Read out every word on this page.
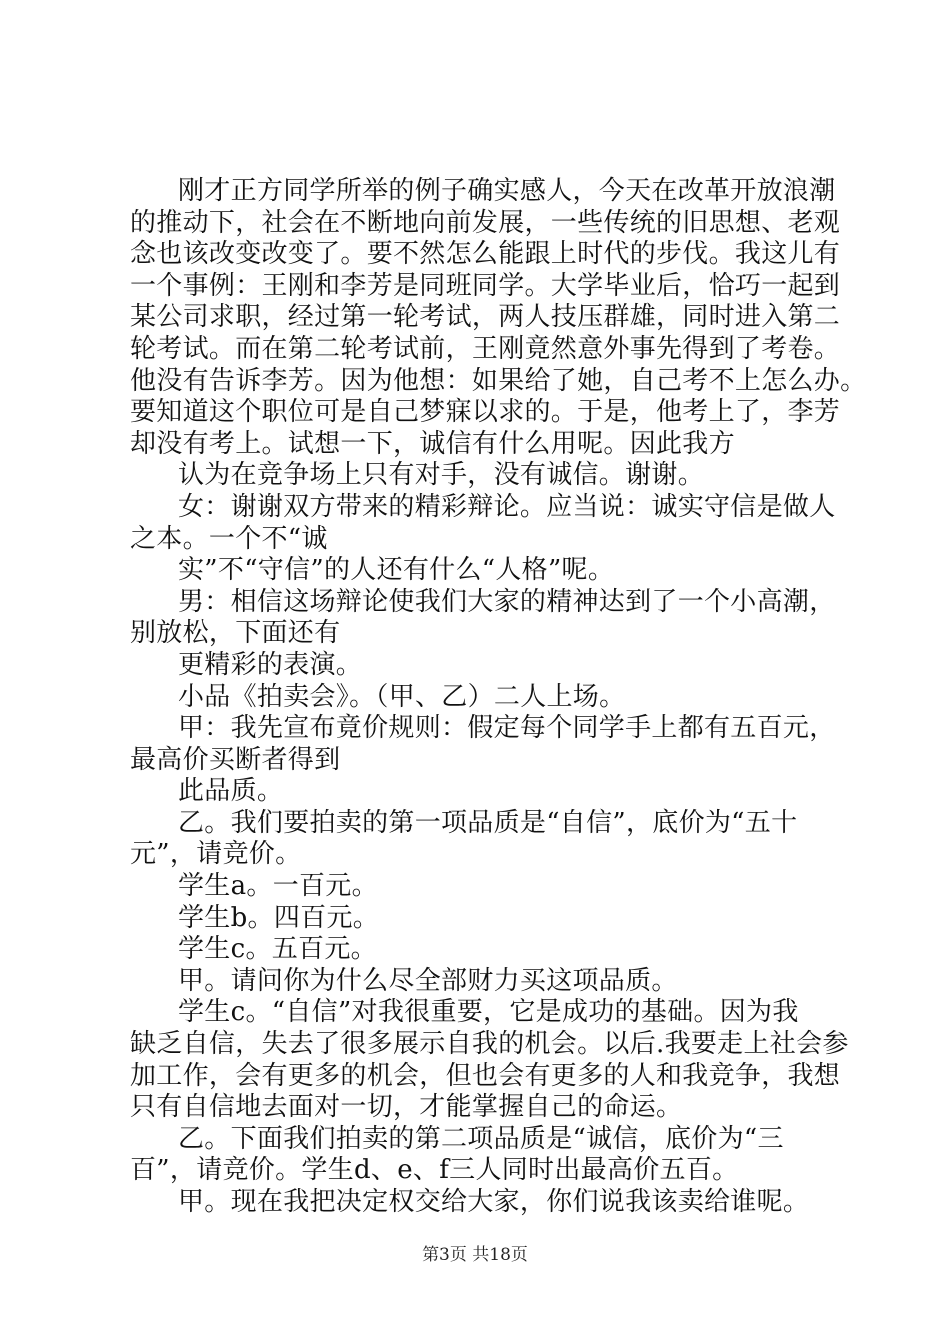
刚才正方同学所举的例子确实感人，今天在改革开放浪潮
的推动下，社会在不断地向前发展，一些传统的旧思想、老观
念也该改变改变了。要不然怎么能跟上时代的步伐。我这儿有
一个事例：王刚和李芳是同班同学。大学毕业后，恰巧一起到
某公司求职，经过第一轮考试，两人技压群雄，同时进入第二
轮考试。而在第二轮考试前，王刚竟然意外事先得到了考卷。
他没有告诉李芳。因为他想：如果给了她，自己考不上怎么办。
要知道这个职位可是自己梦寐以求的。于是，他考上了，李芳
却没有考上。试想一下，诚信有什么用呢。因此我方
认为在竞争场上只有对手，没有诚信。谢谢。
女：谢谢双方带来的精彩辩论。应当说：诚实守信是做人
之本。一个不“诚
实”不“守信”的人还有什么“人格”呢。
男：相信这场辩论使我们大家的精神达到了一个小高潮，
别放松，下面还有
更精彩的表演。
小品《拍卖会》。（甲、乙）二人上场。
甲：我先宣布竟价规则：假定每个同学手上都有五百元，
最高价买断者得到
此品质。
乙。我们要拍卖的第一项品质是“自信”，底价为“五十
元”，请竞价。
学生a。一百元。
学生b。四百元。
学生c。五百元。
甲。请问你为什么尽全部财力买这项品质。
学生c。“自信”对我很重要，它是成功的基础。因为我
缺乏自信，失去了很多展示自我的机会。以后.我要走上社会参
加工作，会有更多的机会，但也会有更多的人和我竞争，我想
只有自信地去面对一切，才能掌握自己的命运。
乙。下面我们拍卖的第二项品质是“诚信，底价为“三
百”，请竞价。学生d、e、f三人同时出最高价五百。
甲。现在我把决定权交给大家，你们说我该卖给谁呢。
第3页 共18页
